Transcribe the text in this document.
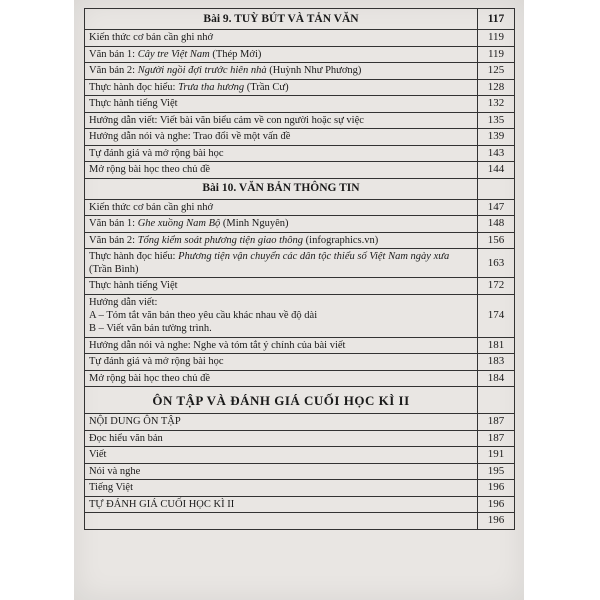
Bài 9. TUỲ BÚT VÀ TẢN VĂN	117
Kiến thức cơ bản cần ghi nhớ	119
Văn bản 1: Cây tre Việt Nam (Thép Mới)	119
Văn bản 2: Người ngồi đợi trước hiên nhà (Huỳnh Như Phương)	125
Thực hành đọc hiểu: Trưa tha hương (Trần Cư)	128
Thực hành tiếng Việt	132
Hướng dẫn viết: Viết bài văn biểu cảm về con người hoặc sự việc	135
Hướng dẫn nói và nghe: Trao đổi về một vấn đề	139
Tự đánh giá và mở rộng bài học	143
Mở rộng bài học theo chủ đề	144
Bài 10. VĂN BẢN THÔNG TIN	
Kiến thức cơ bản cần ghi nhớ	147
Văn bản 1: Ghe xuồng Nam Bộ (Minh Nguyên)	148
Văn bản 2: Tổng kiểm soát phương tiện giao thông (infographics.vn)	156
Thực hành đọc hiểu: Phương tiện vận chuyển các dân tộc thiểu số Việt Nam ngày xưa (Trần Bình)	163
Thực hành tiếng Việt	172

Hướng dẫn viết:
A – Tóm tắt văn bản theo yêu cầu khác nhau về độ dài
B – Viết văn bản tường trình.	174
Hướng dẫn nói và nghe: Nghe và tóm tắt ý chính của bài viết	181
Tự đánh giá và mở rộng bài học	183
Mở rộng bài học theo chủ đề	184
ÔN TẬP VÀ ĐÁNH GIÁ CUỐI HỌC KÌ II	
NỘI DUNG ÔN TẬP	187
Đọc hiểu văn bản	187
Viết	191
Nói và nghe	195
Tiếng Việt	196
TỰ ĐÁNH GIÁ CUỐI HỌC KÌ II	196
	196
